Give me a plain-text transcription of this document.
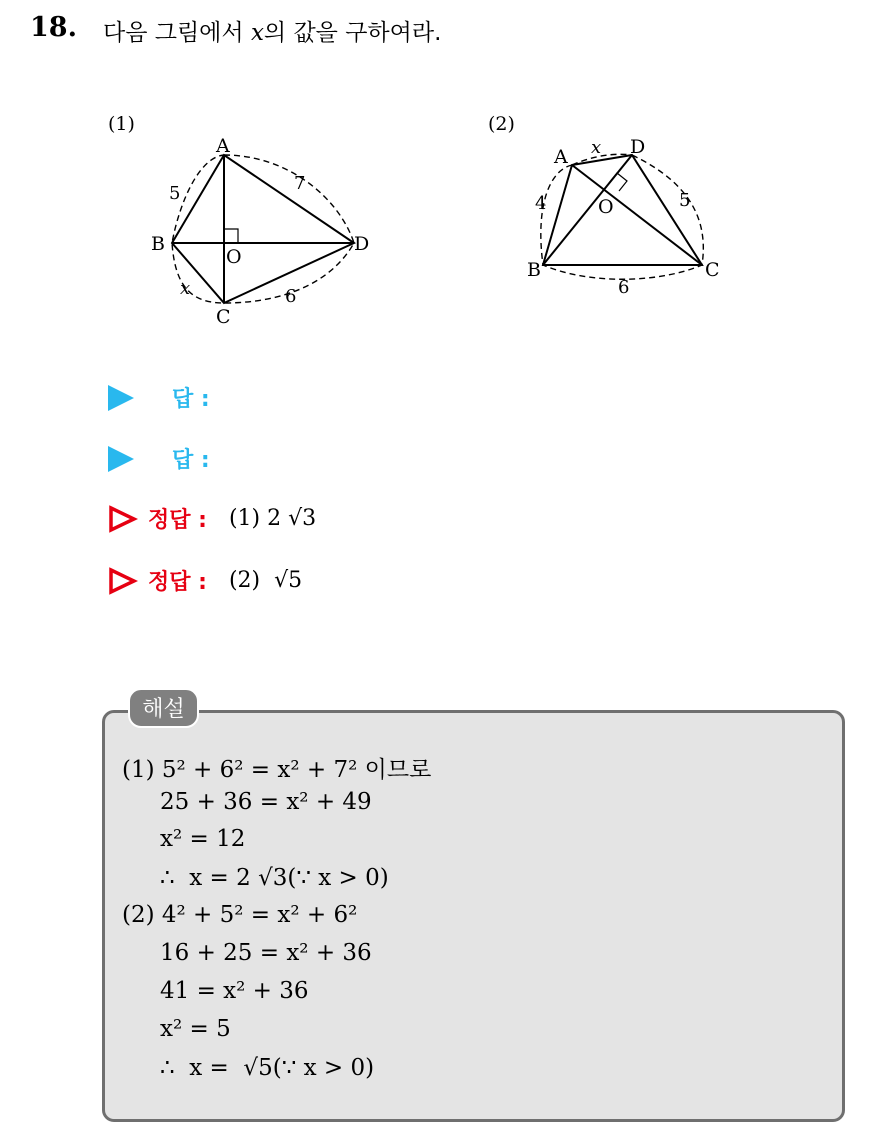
18. 다음 그림에서 x의 값을 구하여라.
(1)
A
B
C
D
O
5	7
6
x
(2)
A	D
B	C
O
x
4	5
6
답 :
답 :
정답 : (1) 2 √3
정답 : (2)  √5
해설
(1) 5² + 6² = x² + 7² 이므로
25 + 36 = x² + 49
x² = 12
∴  x = 2 √3(∵ x > 0)
(2) 4² + 5² = x² + 6²
16 + 25 = x² + 36
41 = x² + 36
x² = 5
∴  x =  √5(∵ x > 0)
